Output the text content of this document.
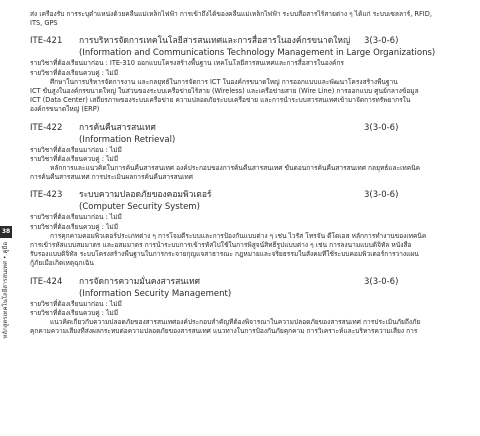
38
หลักสูตรเทคโนโลยีสารสนเทศ • คู่มือ
ส่ง เครื่องรับ การระบุตำแหน่งด้วยคลื่นแม่เหล็กไฟฟ้า การเข้าถึงได้ของคลื่นแม่เหล็กไฟฟ้า ระบบสื่อสารไร้สายต่าง ๆ ได้แก่ ระบบเซลลาร์, RFID,
ITS, GPS
ITE-421 การบริหารจัดการเทคโนโลยีสารสนเทศและการสื่อสารในองค์กรขนาดใหญ่ 3(3-0-6)
(Information and Communications Technology Management in Large Organizations)
รายวิชาที่ต้องเรียนมาก่อน : ITE-310 ออกแบบโครงสร้างพื้นฐาน เทคโนโลยีสารสนเทศและการสื่อสารในองค์กร
รายวิชาที่ต้องเรียนควบคู่ : ไม่มี
ศึกษาในการบริหารจัดการงาน และกลยุทธ์ในการจัดการ ICT ในองค์กรขนาดใหญ่ การออกแบบและพัฒนาโครงสร้างพื้นฐาน
ICT ขั้นสูงในองค์กรขนาดใหญ่ ในส่วนของระบบเครือข่ายไร้สาย (Wireless) และเครือข่ายสาย (Wire Line) การออกแบบ ศูนย์กลางข้อมูล
ICT (Data Center) เสถียรภาพของระบบเครือข่าย ความปลอดภัยระบบเครือข่าย และการนำระบบสารสนเทศเข้ามาจัดการทรัพยากรใน
องค์กรขนาดใหญ่ (ERP)
ITE-422 การค้นคืนสารสนเทศ	3(3-0-6)
(Information Retrieval)
รายวิชาที่ต้องเรียนมาก่อน : ไม่มี
รายวิชาที่ต้องเรียนควบคู่ : ไม่มี
หลักการและแนวคิดในการค้นคืนสารสนเทศ องค์ประกอบของการค้นคืนสารสนเทศ ขั้นตอนการค้นคืนสารสนเทศ กลยุทธ์และเทคนิค
การค้นคืนสารสนเทศ การประเมินผลการค้นคืนสารสนเทศ
ITE-423 ระบบความปลอดภัยของคอมพิวเตอร์	3(3-0-6)
(Computer Security System)
รายวิชาที่ต้องเรียนมาก่อน : ไม่มี
รายวิชาที่ต้องเรียนควบคู่ : ไม่มี
การคุกคามคอมพิวเตอร์ประเภทต่าง ๆ การโจมตีระบบและการป้องกันแบบต่าง ๆ เช่น ไวรัส โทรจัน ดีโดเอส หลักการทำงานของเทคนิค
การเข้ารหัสแบบสมมาตร และอสมมาตร การนำระบบการเข้ารหัสไปใช้ในการพิสูจน์สิทธิ์รูปแบบต่าง ๆ เช่น การลงนามแบบดิจิทัล หนังสือ
รับรองแบบดิจิทัล ระบบโครงสร้างพื้นฐานในการกระจายกุญแจสาธารณะ กฎหมายและจริยธรรมในสังคมที่ใช้ระบบคอมพิวเตอร์การวางแผน
กู้ภัยเมื่อเกิดเหตุฉุกเฉิน
ITE-424 การจัดการความมั่นคงสารสนเทศ	3(3-0-6)
(Information Security Management)
รายวิชาที่ต้องเรียนมาก่อน : ไม่มี
รายวิชาที่ต้องเรียนควบคู่ : ไม่มี
แนวคิดเกี่ยวกับความปลอดภัยของสารสนเทศองค์ประกอบสำคัญที่ต้องพิจารณาในความปลอดภัยของสารสนเทศ การประเมินภัยถึงภัย
คุกคามความเสี่ยงที่ส่งผลกระทบต่อความปลอดภัยของสารสนเทศ แนวทางในการป้องกันภัยคุกคาม การวิเคราะห์และบริหารความเสี่ยง การ
